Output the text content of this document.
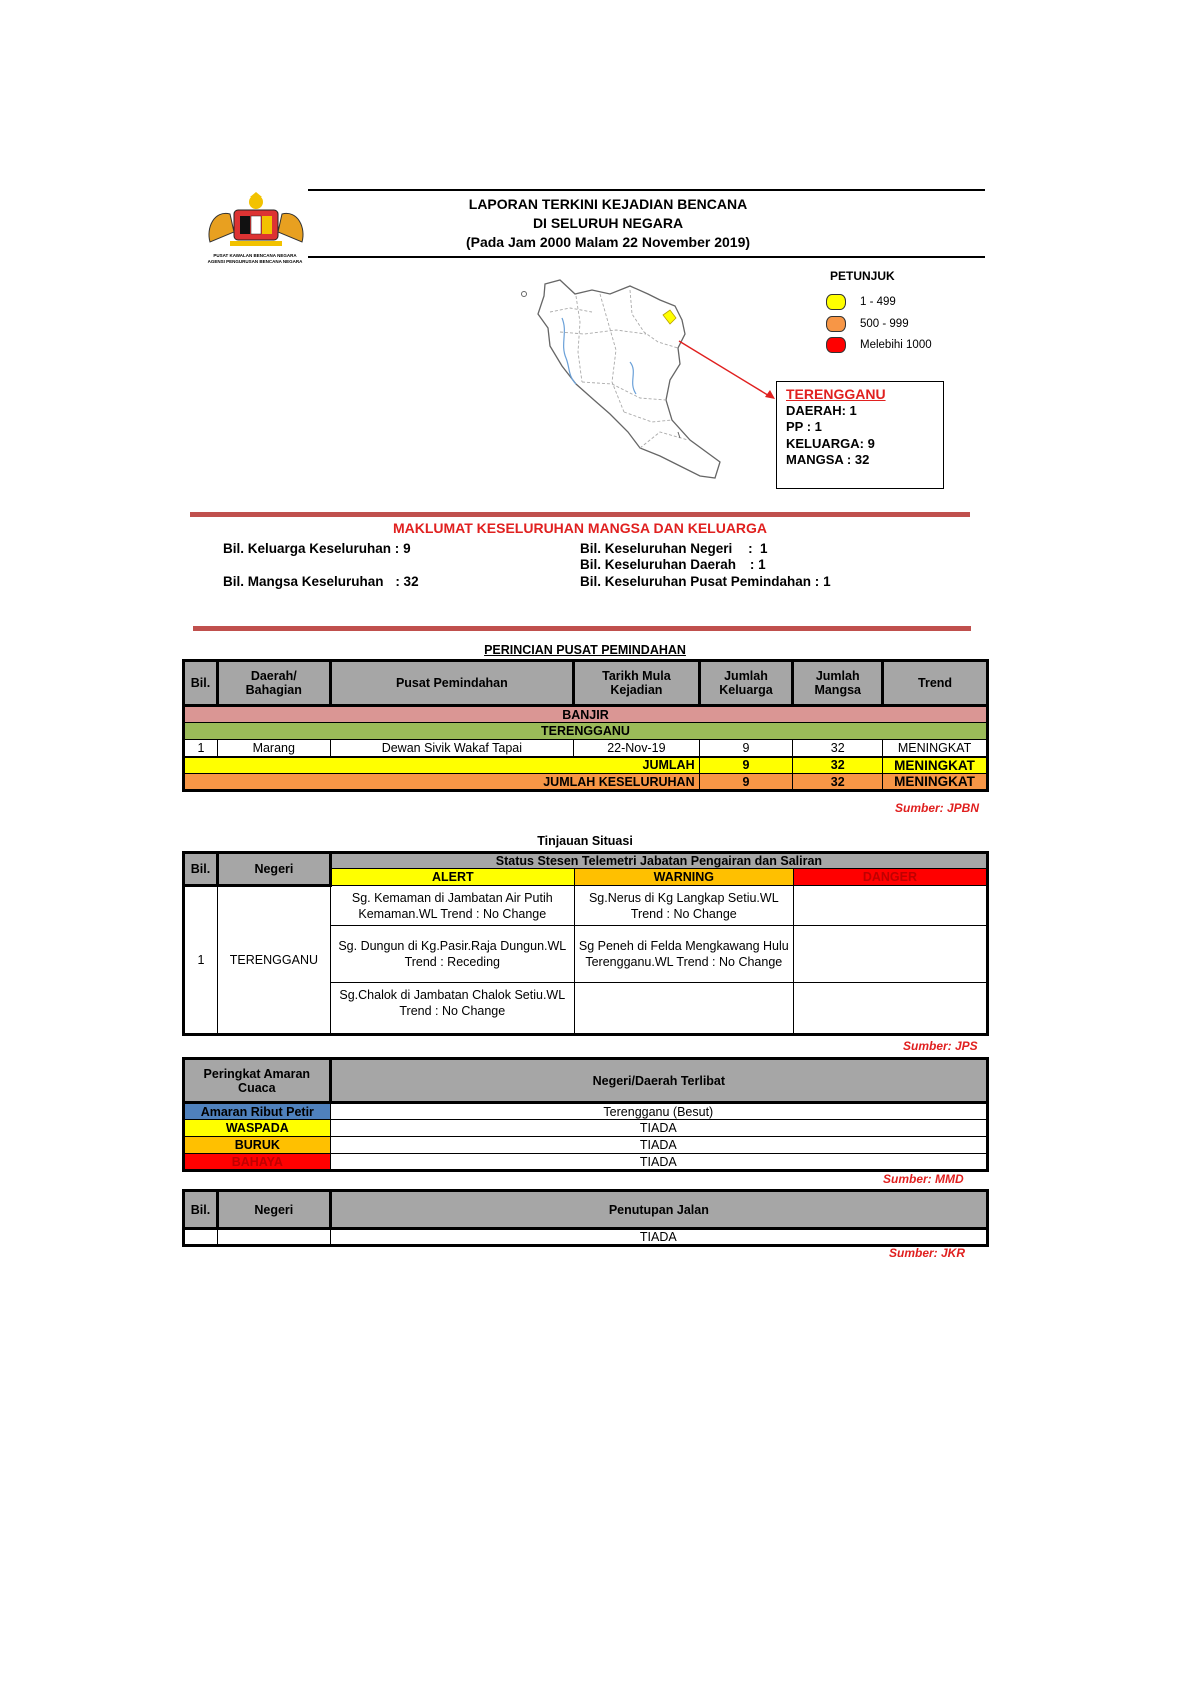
PUSAT KAWALAN BENCANA NEGARA
AGENSI PENGURUSAN BENCANA NEGARA
LAPORAN TERKINI KEJADIAN BENCANA
DI SELURUH NEGARA
(Pada Jam 2000 Malam 22 November 2019)
PETUNJUK
1 - 499
500 - 999
Melebihi 1000
TERENGGANU
DAERAH: 1
PP : 1
KELUARGA: 9
MANGSA : 32
MAKLUMAT KESELURUHAN MANGSA DAN KELUARGA
Bil. Keluarga Keseluruhan : 9
Bil. Mangsa Keseluruhan : 32
Bil. Keseluruhan Negeri :  1
Bil. Keseluruhan Daerah : 1
Bil. Keseluruhan Pusat Pemindahan : 1
PERINCIAN PUSAT PEMINDAHAN
Bil.	Daerah/ Bahagian	Pusat Pemindahan	Tarikh Mula Kejadian	Jumlah Keluarga	Jumlah Mangsa	Trend
BANJIR						
TERENGGANU						
1	Marang	Dewan Sivik Wakaf Tapai	22-Nov-19	9	32	MENINGKAT
JUMLAH				9	32	MENINGKAT
JUMLAH KESELURUHAN				9	32	MENINGKAT
Sumber: JPBN
Tinjauan Situasi
Bil.	Negeri	Status Stesen Telemetri Jabatan Pengairan dan Saliran		
		ALERT	WARNING	DANGER
1	TERENGGANU	Sg. Kemaman di Jambatan Air Putih Kemaman.WL Trend : No Change	Sg.Nerus di Kg Langkap Setiu.WL Trend : No Change	
		Sg. Dungun di Kg.Pasir.Raja Dungun.WL Trend : Receding	Sg Peneh di Felda Mengkawang Hulu Terengganu.WL Trend : No Change	
		Sg.Chalok di Jambatan Chalok Setiu.WL Trend : No Change		
Sumber: JPS
Peringkat Amaran Cuaca	Negeri/Daerah Terlibat
Amaran Ribut Petir	Terengganu (Besut)
WASPADA	TIADA
BURUK	TIADA
BAHAYA	TIADA
Sumber: MMD
Bil.	Negeri	Penutupan Jalan
		TIADA
Sumber: JKR
